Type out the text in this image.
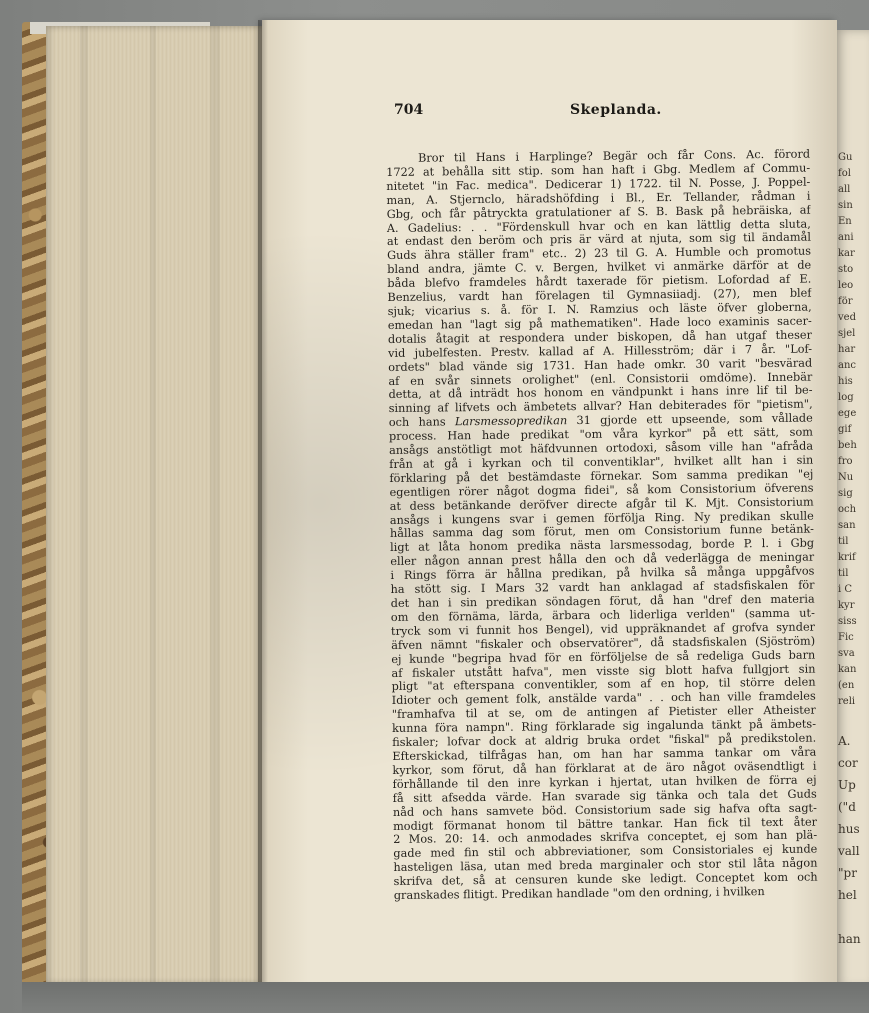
Gu
fol
all
sin
En
ani
kar
sto
leo
för
ved
sjel
har
anc
his
log
ege
gif
beh
fro
Nu
sig
och
san
til
krif
til
i C
kyr
siss
Fic
sva
kan
(en
reli
A.
cor
Up
("d
hus
vall
"pr
hel

han
704	Skeplanda.
Bror til Hans i Harplinge? Begär och får Cons. Ac. förord
1722 at behålla sitt stip. som han haft i Gbg. Medlem af Commu-
nitetet "in Fac. medica". Dedicerar 1) 1722. til N. Posse, J. Poppel-
man, A. Stjernclo, häradshöfding i Bl., Er. Tellander, rådman i
Gbg, och får påtryckta gratulationer af S. B. Bask på hebräiska, af
A. Gadelius: . . "Fördenskull hvar och en kan lättlig detta sluta,
at endast den beröm och pris är värd at njuta, som sig til ändamål
Guds ähra ställer fram" etc.. 2) 23 til G. A. Humble och promotus
bland andra, jämte C. v. Bergen, hvilket vi anmärke därför at de
båda blefvo framdeles hårdt taxerade för pietism. Lofordad af E.
Benzelius, vardt han förelagen til Gymnasiiadj. (27), men blef
sjuk; vicarius s. å. för I. N. Ramzius och läste öfver globerna,
emedan han "lagt sig på mathematiken". Hade loco examinis sacer-
dotalis åtagit at respondera under biskopen, då han utgaf theser
vid jubelfesten. Prestv. kallad af A. Hillesström; där i 7 år. "Lof-
ordets" blad vände sig 1731. Han hade omkr. 30 varit "besvärad
af en svår sinnets orolighet" (enl. Consistorii omdöme). Innebär
detta, at då inträdt hos honom en vändpunkt i hans inre lif til be-
sinning af lifvets och ämbetets allvar? Han debiterades för "pietism",
och hans Larsmessopredikan 31 gjorde ett upseende, som vållade
process. Han hade predikat "om våra kyrkor" på ett sätt, som
ansågs anstötligt mot häfdvunnen ortodoxi, såsom ville han "afråda
från at gå i kyrkan och til conventiklar", hvilket allt han i sin
förklaring på det bestämdaste förnekar. Som samma predikan "ej
egentligen rörer något dogma fidei", så kom Consistorium öfverens
at dess betänkande deröfver directe afgår til K. Mjt. Consistorium
ansågs i kungens svar i gemen förfölja Ring. Ny predikan skulle
hållas samma dag som förut, men om Consistorium funne betänk-
ligt at låta honom predika nästa larsmessodag, borde P. l. i Gbg
eller någon annan prest hålla den och då vederlägga de meningar
i Rings förra är hållna predikan, på hvilka så många uppgåfvos
ha stött sig. I Mars 32 vardt han anklagad af stadsfiskalen för
det han i sin predikan söndagen förut, då han "dref den materia
om den förnäma, lärda, ärbara och liderliga verlden" (samma ut-
tryck som vi funnit hos Bengel), vid uppräknandet af grofva synder
äfven nämnt "fiskaler och observatörer", då stadsfiskalen (Sjöström)
ej kunde "begripa hvad för en förföljelse de så redeliga Guds barn
af fiskaler utstått hafva", men visste sig blott hafva fullgjort sin
pligt "at efterspana conventikler, som af en hop, til större delen
Idioter och gement folk, anstälde varda" . . och han ville framdeles
"framhafva til at se, om de antingen af Pietister eller Atheister
kunna föra nampn". Ring förklarade sig ingalunda tänkt på ämbets-
fiskaler; lofvar dock at aldrig bruka ordet "fiskal" på predikstolen.
Efterskickad, tilfrågas han, om han har samma tankar om våra
kyrkor, som förut, då han förklarat at de äro något oväsendtligt i
förhållande til den inre kyrkan i hjertat, utan hvilken de förra ej
få sitt afsedda värde. Han svarade sig tänka och tala det Guds
nåd och hans samvete böd. Consistorium sade sig hafva ofta sagt-
modigt förmanat honom til bättre tankar. Han fick til text åter
2 Mos. 20: 14. och anmodades skrifva conceptet, ej som han plä-
gade med fin stil och abbreviationer, som Consistoriales ej kunde
hasteligen läsa, utan med breda marginaler och stor stil låta någon
skrifva det, så at censuren kunde ske ledigt. Conceptet kom och
granskades flitigt. Predikan handlade "om den ordning, i hvilken
